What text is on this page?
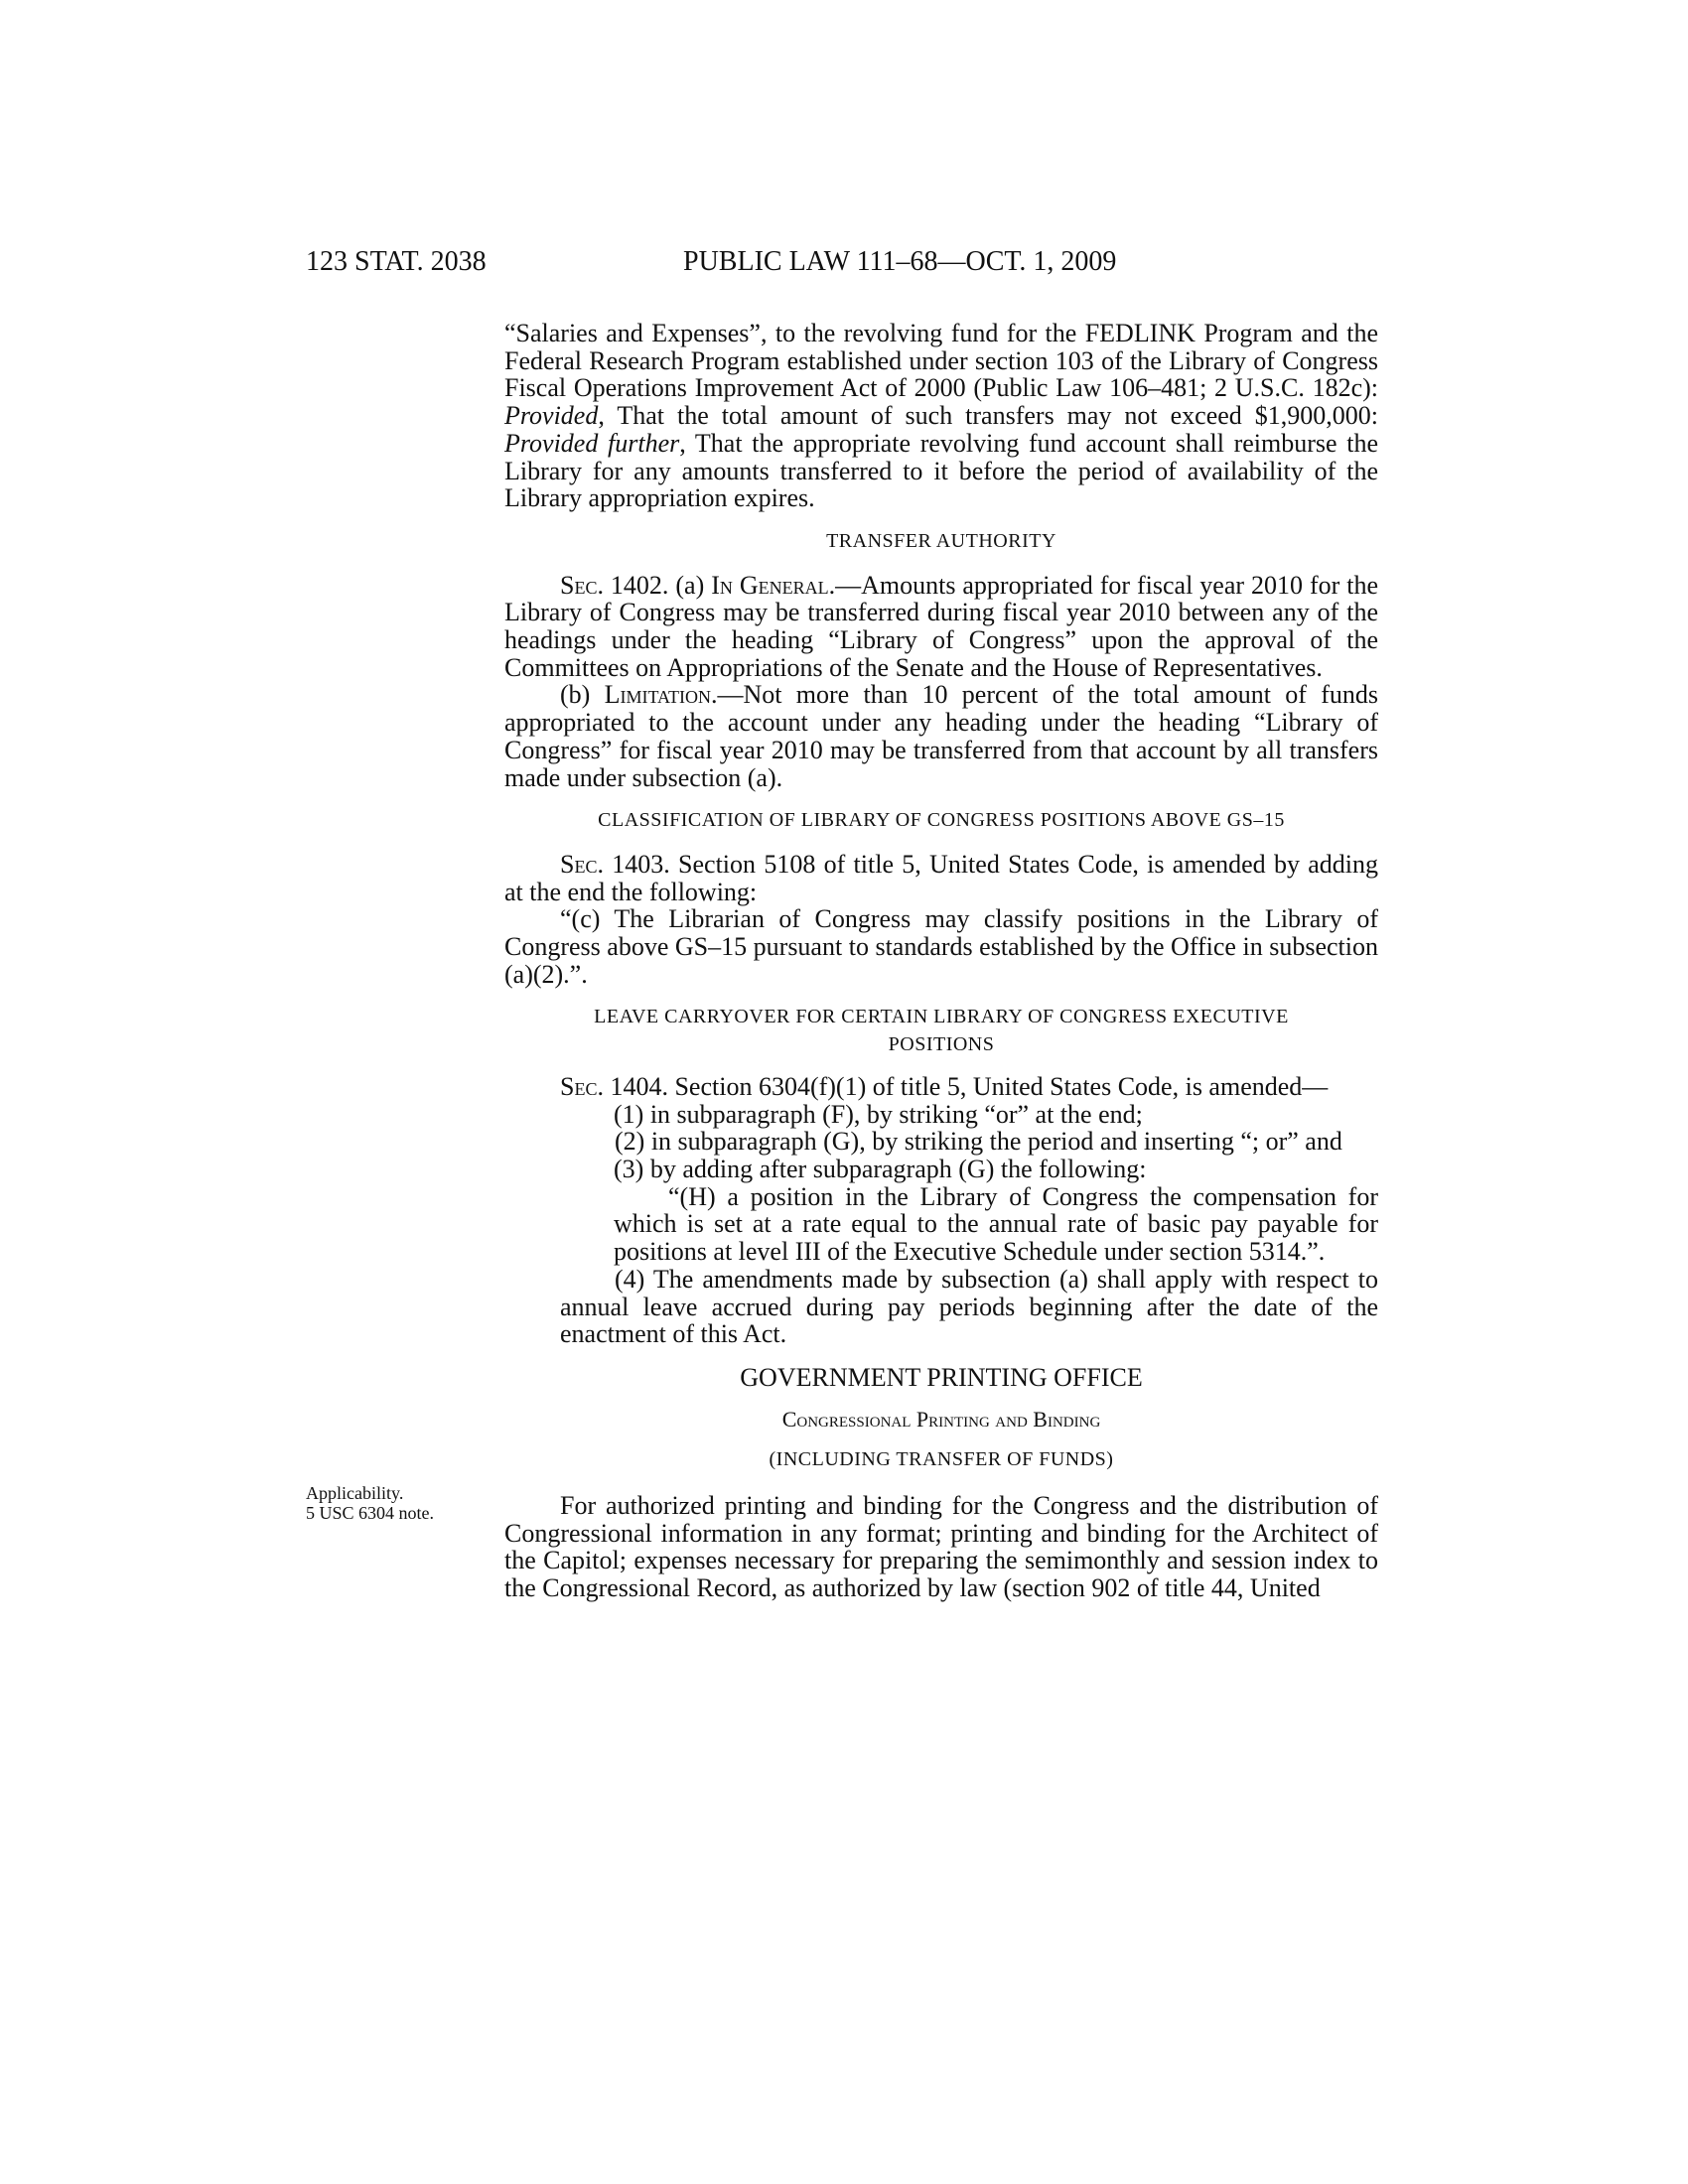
123 STAT. 2038	PUBLIC LAW 111–68—OCT. 1, 2009
Applicability.
5 USC 6304 note.

“Salaries and Expenses”, to the revolving fund for the FEDLINK Program and the Federal Research Program established under section 103 of the Library of Congress Fiscal Operations Improvement Act of 2000 (Public Law 106–481; 2 U.S.C. 182c): Provided, That the total amount of such transfers may not exceed $1,900,000: Provided further, That the appropriate revolving fund account shall reimburse the Library for any amounts transferred to it before the period of availability of the Library appropriation expires.

TRANSFER AUTHORITY

Sec. 1402. (a) In General.—Amounts appropriated for fiscal year 2010 for the Library of Congress may be transferred during fiscal year 2010 between any of the headings under the heading “Library of Congress” upon the approval of the Committees on Appropriations of the Senate and the House of Representatives.

(b) Limitation.—Not more than 10 percent of the total amount of funds appropriated to the account under any heading under the heading “Library of Congress” for fiscal year 2010 may be transferred from that account by all transfers made under subsection (a).

CLASSIFICATION OF LIBRARY OF CONGRESS POSITIONS ABOVE GS–15

Sec. 1403. Section 5108 of title 5, United States Code, is amended by adding at the end the following:

“(c) The Librarian of Congress may classify positions in the Library of Congress above GS–15 pursuant to standards established by the Office in subsection (a)(2).”.

LEAVE CARRYOVER FOR CERTAIN LIBRARY OF CONGRESS EXECUTIVE

POSITIONS

Sec. 1404. Section 6304(f)(1) of title 5, United States Code, is amended—

(1) in subparagraph (F), by striking “or” at the end;

(2) in subparagraph (G), by striking the period and inserting “; or” and

(3) by adding after subparagraph (G) the following:

“(H) a position in the Library of Congress the compensation for which is set at a rate equal to the annual rate of basic pay payable for positions at level III of the Executive Schedule under section 5314.”.

(4) The amendments made by subsection (a) shall apply with respect to annual leave accrued during pay periods beginning after the date of the enactment of this Act.

GOVERNMENT PRINTING OFFICE

Congressional Printing and Binding

(INCLUDING TRANSFER OF FUNDS)

For authorized printing and binding for the Congress and the distribution of Congressional information in any format; printing and binding for the Architect of the Capitol; expenses necessary for preparing the semimonthly and session index to the Congressional Record, as authorized by law (section 902 of title 44, United
